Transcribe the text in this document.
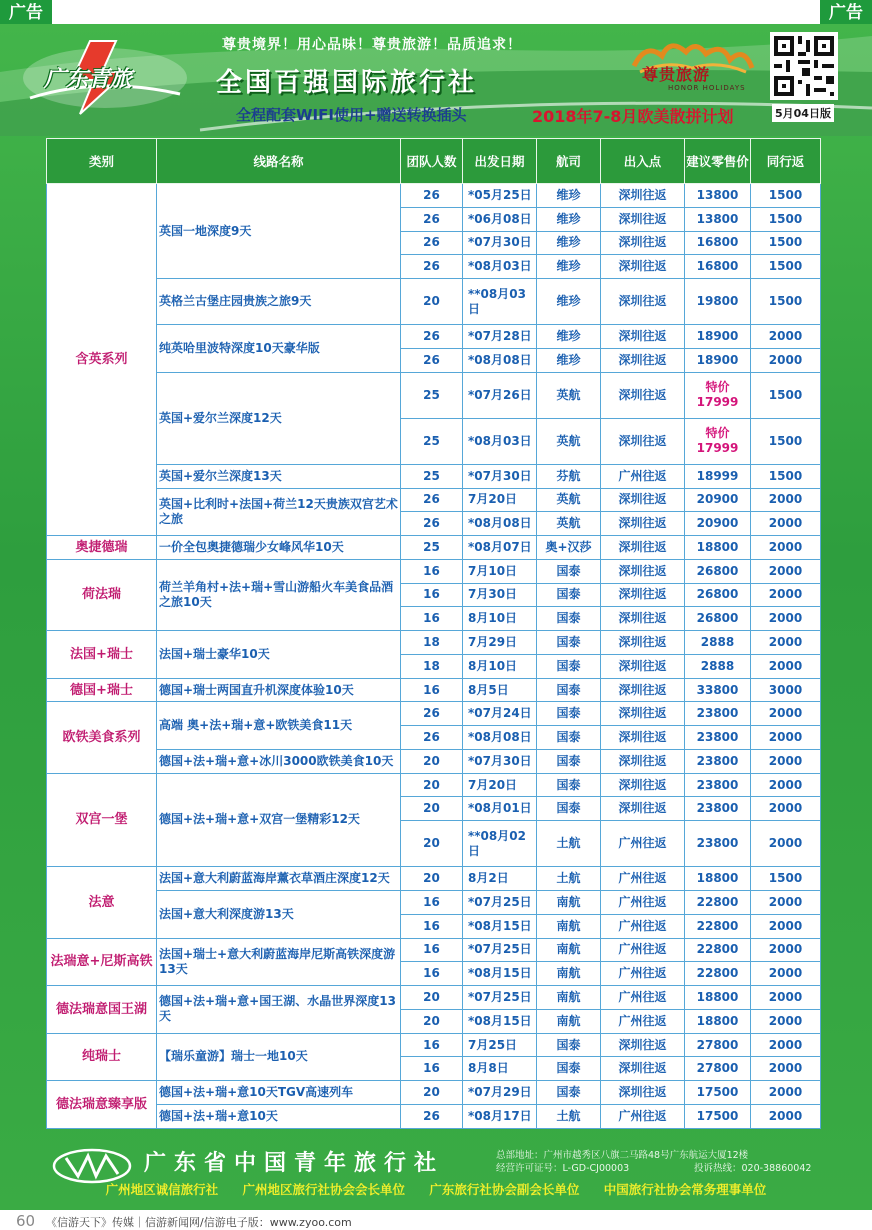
广告	广告
广东青旅
尊贵境界！用心品味！尊贵旅游！品质追求！
全国百强国际旅行社
全程配套WIFI使用+赠送转换插头	2018年7-8月欧美散拼计划
尊贵旅游
HONOR HOLIDAYS
5月04日版
类别	线路名称	团队人数	出发日期	航司	出入点	建议零售价	同行返
含英系列	英国一地深度9天	26	*05月25日	维珍	深圳往返	13800	1500
		26	*06月08日	维珍	深圳往返	13800	1500
		26	*07月30日	维珍	深圳往返	16800	1500
		26	*08月03日	维珍	深圳往返	16800	1500
	英格兰古堡庄园贵族之旅9天	20	**08月03日	维珍	深圳往返	19800	1500
	纯英哈里波特深度10天豪华版	26	*07月28日	维珍	深圳往返	18900	2000
		26	*08月08日	维珍	深圳往返	18900	2000
	英国+爱尔兰深度12天	25	*07月26日	英航	深圳往返	特价 17999	1500
		25	*08月03日	英航	深圳往返	特价 17999	1500
	英国+爱尔兰深度13天	25	*07月30日	芬航	广州往返	18999	1500
	英国+比利时+法国+荷兰12天贵族双宫艺术之旅	26	7月20日	英航	深圳往返	20900	2000
		26	*08月08日	英航	深圳往返	20900	2000
奥捷德瑞	一价全包奥捷德瑞少女峰风华10天	25	*08月07日	奥+汉莎	深圳往返	18800	2000
荷法瑞	荷兰羊角村+法+瑞+雪山游船火车美食品酒之旅10天	16	7月10日	国泰	深圳往返	26800	2000
		16	7月30日	国泰	深圳往返	26800	2000
		16	8月10日	国泰	深圳往返	26800	2000
法国+瑞士	法国+瑞士豪华10天	18	7月29日	国泰	深圳往返	2888	2000
		18	8月10日	国泰	深圳往返	2888	2000
德国+瑞士	德国+瑞士两国直升机深度体验10天	16	8月5日	国泰	深圳往返	33800	3000
欧铁美食系列	高端 奥+法+瑞+意+欧铁美食11天	26	*07月24日	国泰	深圳往返	23800	2000
		26	*08月08日	国泰	深圳往返	23800	2000
	德国+法+瑞+意+冰川3000欧铁美食10天	20	*07月30日	国泰	深圳往返	23800	2000
双宫一堡	德国+法+瑞+意+双宫一堡精彩12天	20	7月20日	国泰	深圳往返	23800	2000
		20	*08月01日	国泰	深圳往返	23800	2000
		20	**08月02日	土航	广州往返	23800	2000
法意	法国+意大利蔚蓝海岸薰衣草酒庄深度12天	20	8月2日	土航	广州往返	18800	1500
	法国+意大利深度游13天	16	*07月25日	南航	广州往返	22800	2000
		16	*08月15日	南航	广州往返	22800	2000
法瑞意+尼斯高铁	法国+瑞士+意大利蔚蓝海岸尼斯高铁深度游13天	16	*07月25日	南航	广州往返	22800	2000
		16	*08月15日	南航	广州往返	22800	2000
德法瑞意国王湖	德国+法+瑞+意+国王湖、水晶世界深度13天	20	*07月25日	南航	广州往返	18800	2000
		20	*08月15日	南航	广州往返	18800	2000
纯瑞士	【瑞乐童游】瑞士一地10天	16	7月25日	国泰	深圳往返	27800	2000
		16	8月8日	国泰	深圳往返	27800	2000
德法瑞意臻享版	德国+法+瑞+意10天TGV高速列车	20	*07月29日	国泰	深圳往返	17500	2000
	德国+法+瑞+意10天	26	*08月17日	土航	广州往返	17500	2000
广东省中国青年旅行社	总部地址：广州市越秀区八旗二马路48号广东航运大厦12楼
经营许可证号：L-GD-CJ00003	投诉热线：020-38860042
广州地区诚信旅行社 广州地区旅行社协会会长单位 广东旅行社协会副会长单位 中国旅行社协会常务理事单位
60 《信游天下》传媒｜信游新闻网/信游电子版：www.zyoo.com
